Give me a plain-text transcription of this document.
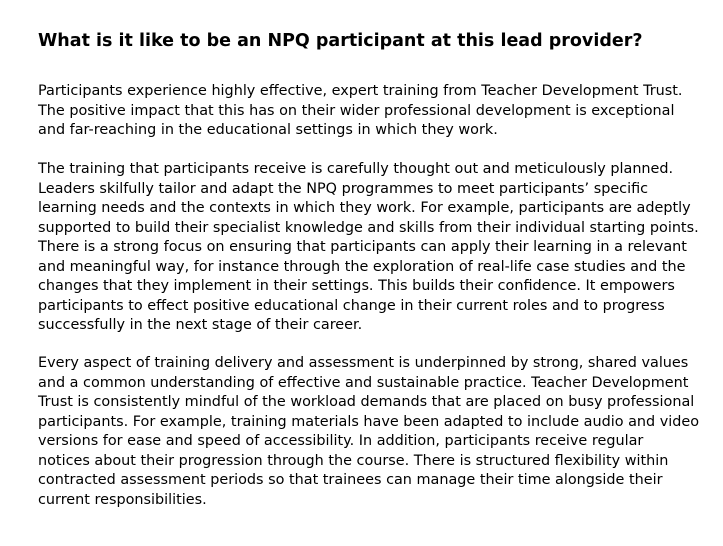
What is it like to be an NPQ participant at this lead provider?

Participants experience highly effective, expert training from Teacher Development Trust.
The positive impact that this has on their wider professional development is exceptional
and far-reaching in the educational settings in which they work.

The training that participants receive is carefully thought out and meticulously planned.
Leaders skilfully tailor and adapt the NPQ programmes to meet participants’ specific
learning needs and the contexts in which they work. For example, participants are adeptly
supported to build their specialist knowledge and skills from their individual starting points.
There is a strong focus on ensuring that participants can apply their learning in a relevant
and meaningful way, for instance through the exploration of real-life case studies and the
changes that they implement in their settings. This builds their confidence. It empowers
participants to effect positive educational change in their current roles and to progress
successfully in the next stage of their career.

Every aspect of training delivery and assessment is underpinned by strong, shared values
and a common understanding of effective and sustainable practice. Teacher Development
Trust is consistently mindful of the workload demands that are placed on busy professional
participants. For example, training materials have been adapted to include audio and video
versions for ease and speed of accessibility. In addition, participants receive regular
notices about their progression through the course. There is structured flexibility within
contracted assessment periods so that trainees can manage their time alongside their
current responsibilities.
